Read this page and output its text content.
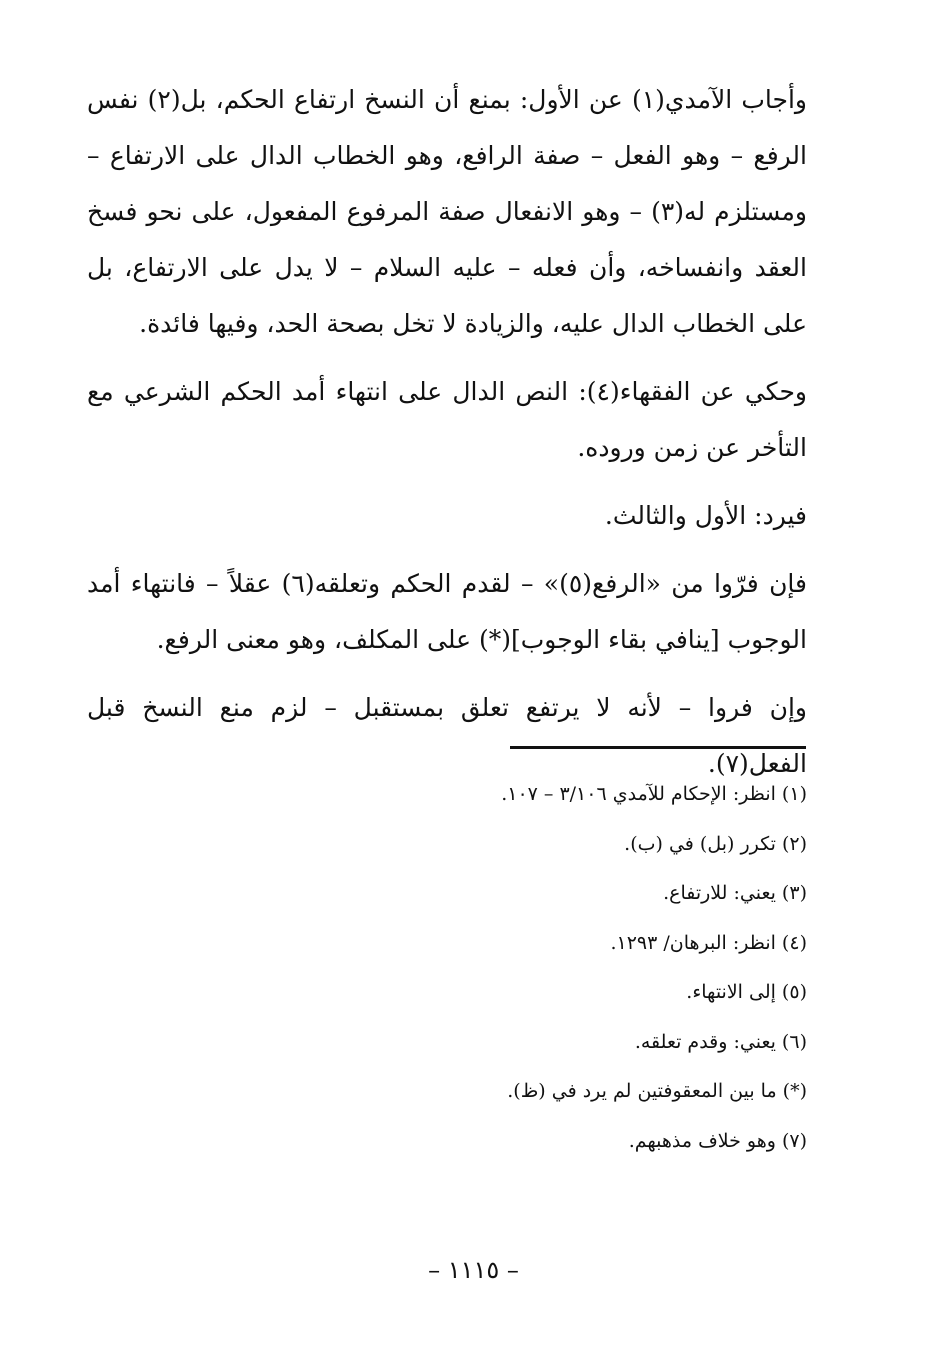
وأجاب الآمدي(١) عن الأول: بمنع أن النسخ ارتفاع الحكم، بل(٢) نفس الرفع – وهو الفعل – صفة الرافع، وهو الخطاب الدال على الارتفاع – ومستلزم له(٣) – وهو الانفعال صفة المرفوع المفعول، على نحو فسخ العقد وانفساخه، وأن فعله – عليه السلام – لا يدل على الارتفاع، بل على الخطاب الدال عليه، والزيادة لا تخل بصحة الحد، وفيها فائدة.

وحكي عن الفقهاء(٤): النص الدال على انتهاء أمد الحكم الشرعي مع التأخر عن زمن وروده.

فيرد: الأول والثالث.

فإن فرّوا من «الرفع(٥)» – لقدم الحكم وتعلقه(٦) عقلاً – فانتهاء أمد الوجوب [ينافي بقاء الوجوب](*) على المكلف، وهو معنى الرفع.

وإن فروا – لأنه لا يرتفع تعلق بمستقبل – لزم منع النسخ قبل الفعل(٧).

(١) انظر: الإحكام للآمدي ٣/١٠٦ – ١٠٧.

(٢) تكرر (بل) في (ب).

(٣) يعني: للارتفاع.

(٤) انظر: البرهان/ ١٢٩٣.

(٥) إلى الانتهاء.

(٦) يعني: وقدم تعلقه.

(*) ما بين المعقوفتين لم يرد في (ظ).

(٧) وهو خلاف مذهبهم.

– ١١١٥ –
